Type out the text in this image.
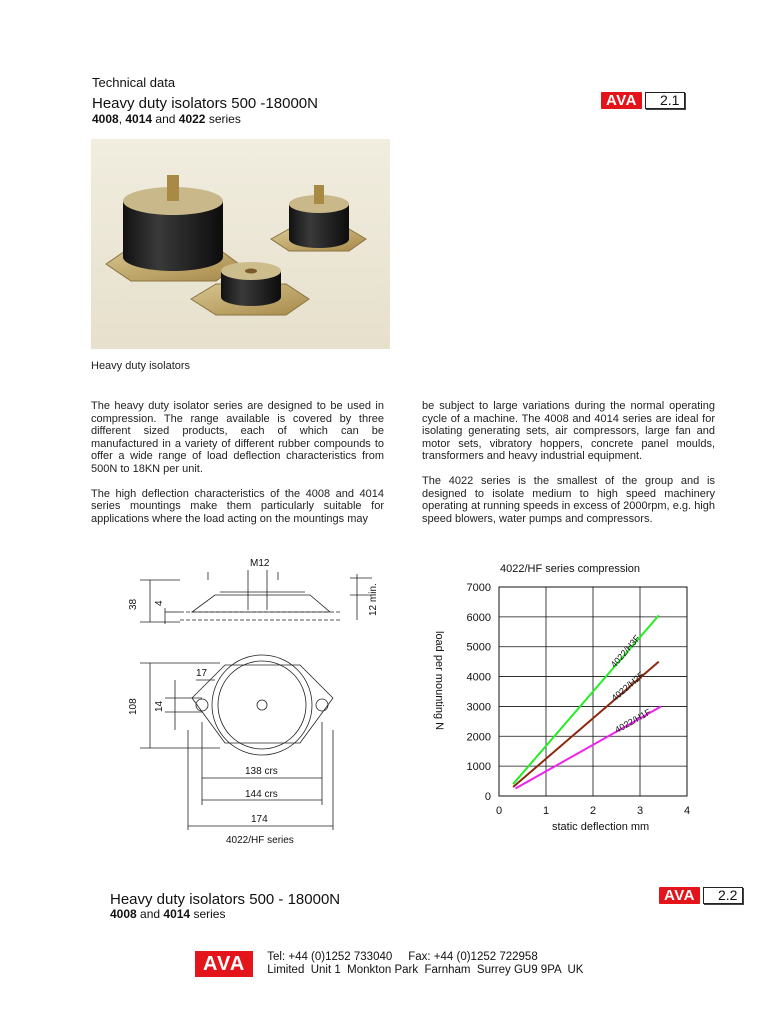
Technical data
Heavy duty isolators 500 -18000N
4008, 4014 and 4022 series
AVA	2.1
Heavy duty isolators

The heavy duty isolator series are designed to be used in compression. The range available is covered by three different sized products, each of which can be manufactured in a variety of different rubber compounds to offer a wide range of load deflection characteristics from 500N to 18KN per unit.

The high deflection characteristics of the 4008 and 4014 series mountings make them particularly suitable for applications where the load acting on the mountings may

be subject to large variations during the normal operating cycle of a machine. The 4008 and 4014 series are ideal for isolating generating sets, air compressors, large fan and motor sets, vibratory hoppers, concrete panel moulds, transformers and heavy industrial equipment.

The 4022 series is the smallest of the group and is designed to isolate medium to high speed machinery operating at running speeds in excess of 2000rpm, e.g. high speed blowers, water pumps and compressors.

M12
38 4	12 min.
108 14
17
138 crs
144 crs
174
4022/HF series
4022/HF series compression
load per mounting N
static deflection mm
4022/H3F
4022/H2F
4022/H1F
0
1000
2000
3000
4000
5000
6000
7000
0	1	2	3	4
Heavy duty isolators 500 - 18000N
4008 and 4014 series
AVA	2.2
AVA	Tel: +44 (0)1252 733040     Fax: +44 (0)1252 722958
Limited  Unit 1  Monkton Park  Farnham  Surrey GU9 9PA  UK
